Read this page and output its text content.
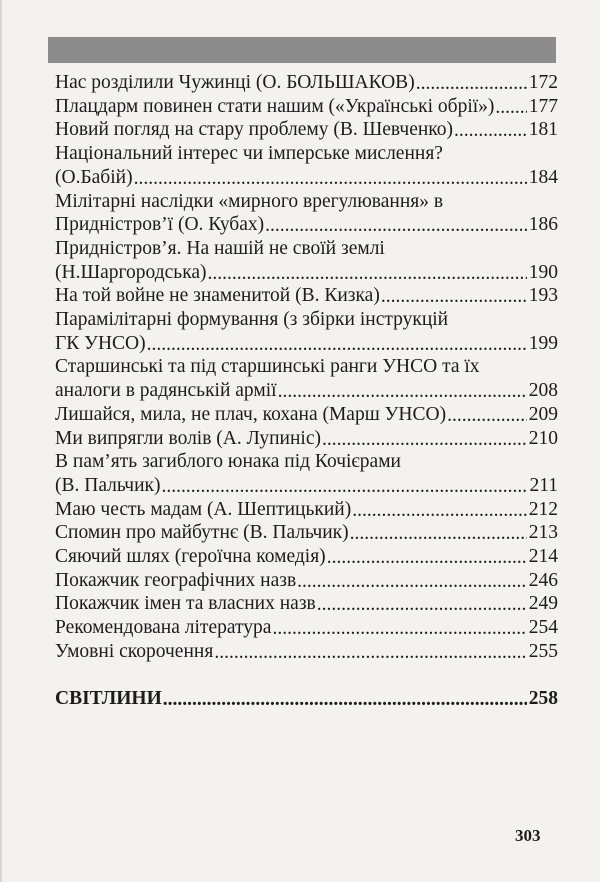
Нас розділили Чужинці (О. БОЛЬШАКОВ) .....	172
Плацдарм повинен стати нашим («Українські обрії») ..... 177
Новий погляд на стару проблему (В. Шевченко) .....	181
Національний інтерес чи імперське мислення?
(О.Бабій) .....	184
Мілітарні наслідки «мирного врегулювання» в
Придністров’ї (О. Кубах) .....	186
Придністров’я. На нашій не своїй землі
(Н.Шаргородська) .....	190
На той войне не знаменитой (В. Кизка) .....	193
Парамілітарні формування (з збірки інструкцій
ГК УНСО) .....	199
Старшинські та під старшинські ранги УНСО та їх
аналоги в радянській армії .....	208
Лишайся, мила, не плач, кохана (Марш УНСО) .....	209
Ми випрягли волів (А. Лупиніс) .....	210
В пам’ять загиблого юнака під Кочієрами
(В. Пальчик) .....	211
Маю честь мадам (А. Шептицький) .....	212
Спомин про майбутнє (В. Пальчик) .....	213
Сяючий шлях (героїчна комедія) .....	214
Покажчик географічних назв .....	246
Покажчик імен та власних назв .....	249
Рекомендована література .....	254
Умовні скорочення .....	255
СВІТЛИНИ .....	258
303
